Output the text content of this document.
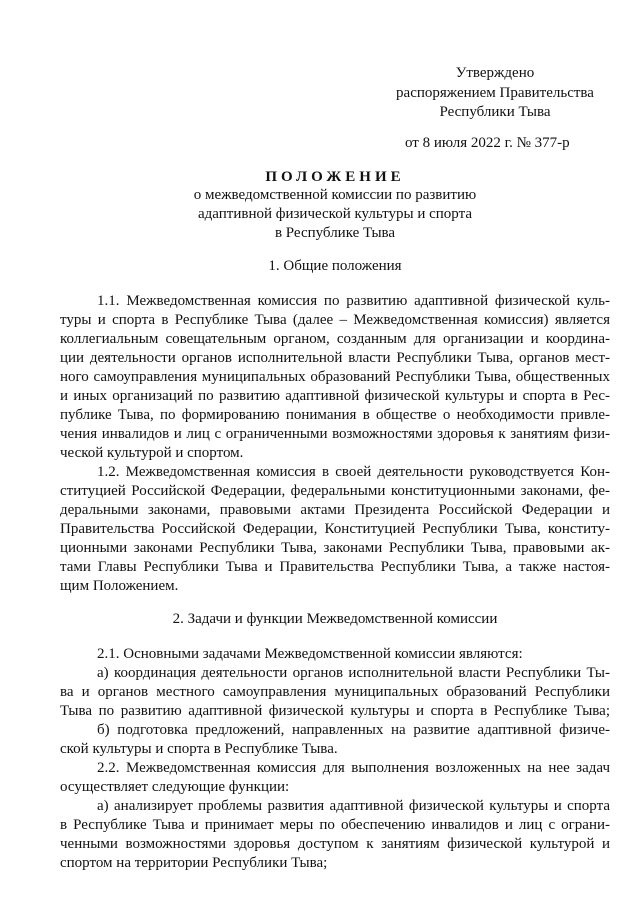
Утверждено
распоряжением Правительства
Республики Тыва
от 8 июля 2022 г. № 377-р
ПОЛОЖЕНИЕ
о межведомственной комиссии по развитию
адаптивной физической культуры и спорта
в Республике Тыва
1. Общие положения
1.1. Межведомственная комиссия по развитию адаптивной физической куль-
туры и спорта в Республике Тыва (далее – Межведомственная комиссия) является
коллегиальным совещательным органом, созданным для организации и координа-
ции деятельности органов исполнительной власти Республики Тыва, органов мест-
ного самоуправления муниципальных образований Республики Тыва, общественных
и иных организаций по развитию адаптивной физической культуры и спорта в Рес-
публике Тыва, по формированию понимания в обществе о необходимости привле-
чения инвалидов и лиц с ограниченными возможностями здоровья к занятиям физи-
ческой культурой и спортом.
1.2. Межведомственная комиссия в своей деятельности руководствуется Кон-
ституцией Российской Федерации, федеральными конституционными законами, фе-
деральными законами, правовыми актами Президента Российской Федерации и
Правительства Российской Федерации, Конституцией Республики Тыва, конститу-
ционными законами Республики Тыва, законами Республики Тыва, правовыми ак-
тами Главы Республики Тыва и Правительства Республики Тыва, а также настоя-
щим Положением.
2. Задачи и функции Межведомственной комиссии
2.1. Основными задачами Межведомственной комиссии являются:
а) координация деятельности органов исполнительной власти Республики Ты-
ва и органов местного самоуправления муниципальных образований Республики
Тыва по развитию адаптивной физической культуры и спорта в Республике Тыва;
б) подготовка предложений, направленных на развитие адаптивной физиче-
ской культуры и спорта в Республике Тыва.
2.2. Межведомственная комиссия для выполнения возложенных на нее задач
осуществляет следующие функции:
а) анализирует проблемы развития адаптивной физической культуры и спорта
в Республике Тыва и принимает меры по обеспечению инвалидов и лиц с ограни-
ченными возможностями здоровья доступом к занятиям физической культурой и
спортом на территории Республики Тыва;
